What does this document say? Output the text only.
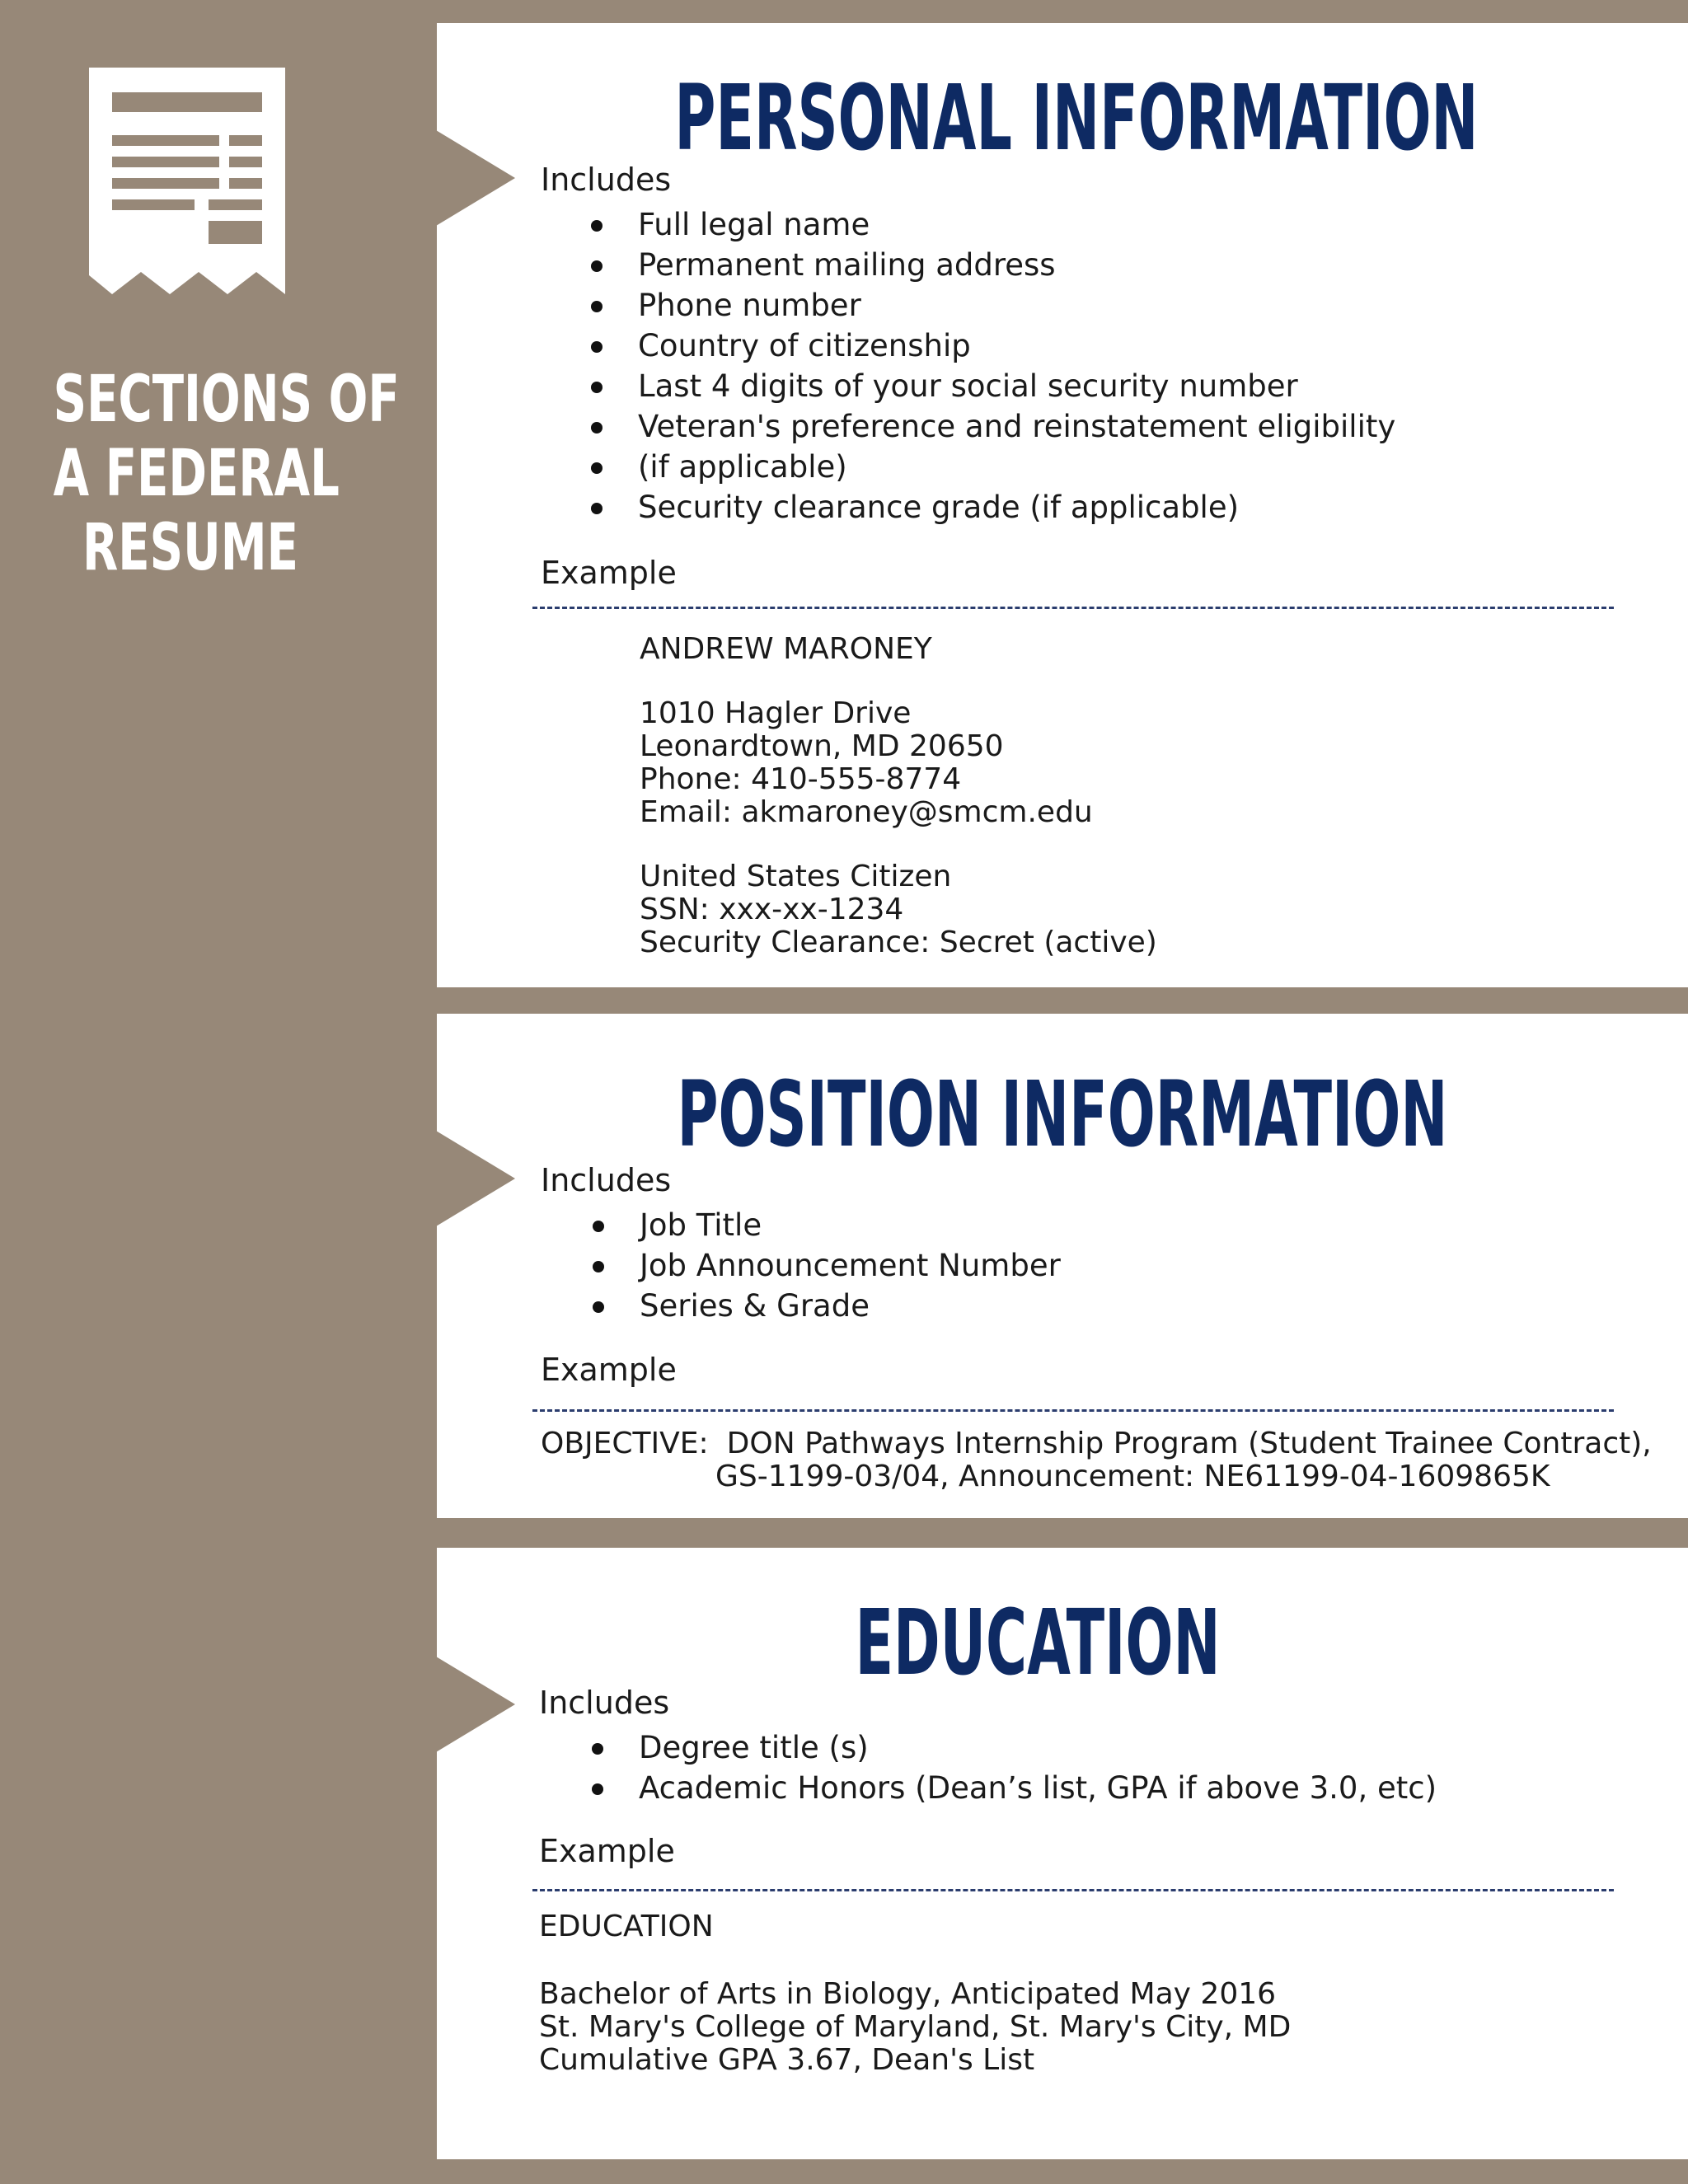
SECTIONS OF
A FEDERAL
RESUME
PERSONAL INFORMATION
Includes
Full legal name
Permanent mailing address
Phone number
Country of citizenship
Last 4 digits of your social security number
Veteran's preference and reinstatement eligibility
(if applicable)
Security clearance grade (if applicable)
Example
ANDREW MARONEY
1010 Hagler Drive
Leonardtown, MD 20650
Phone: 410-555-8774
Email: akmaroney@smcm.edu
United States Citizen
SSN: xxx-xx-1234
Security Clearance: Secret (active)
POSITION INFORMATION
Includes
Job Title
Job Announcement Number
Series & Grade
Example
OBJECTIVE: DON Pathways Internship Program (Student Trainee Contract),
GS-1199-03/04, Announcement: NE61199-04-1609865K
EDUCATION
Includes
Degree title (s)
Academic Honors (Dean’s list, GPA if above 3.0, etc)
Example
EDUCATION
Bachelor of Arts in Biology, Anticipated May 2016
St. Mary's College of Maryland, St. Mary's City, MD
Cumulative GPA 3.67, Dean's List
